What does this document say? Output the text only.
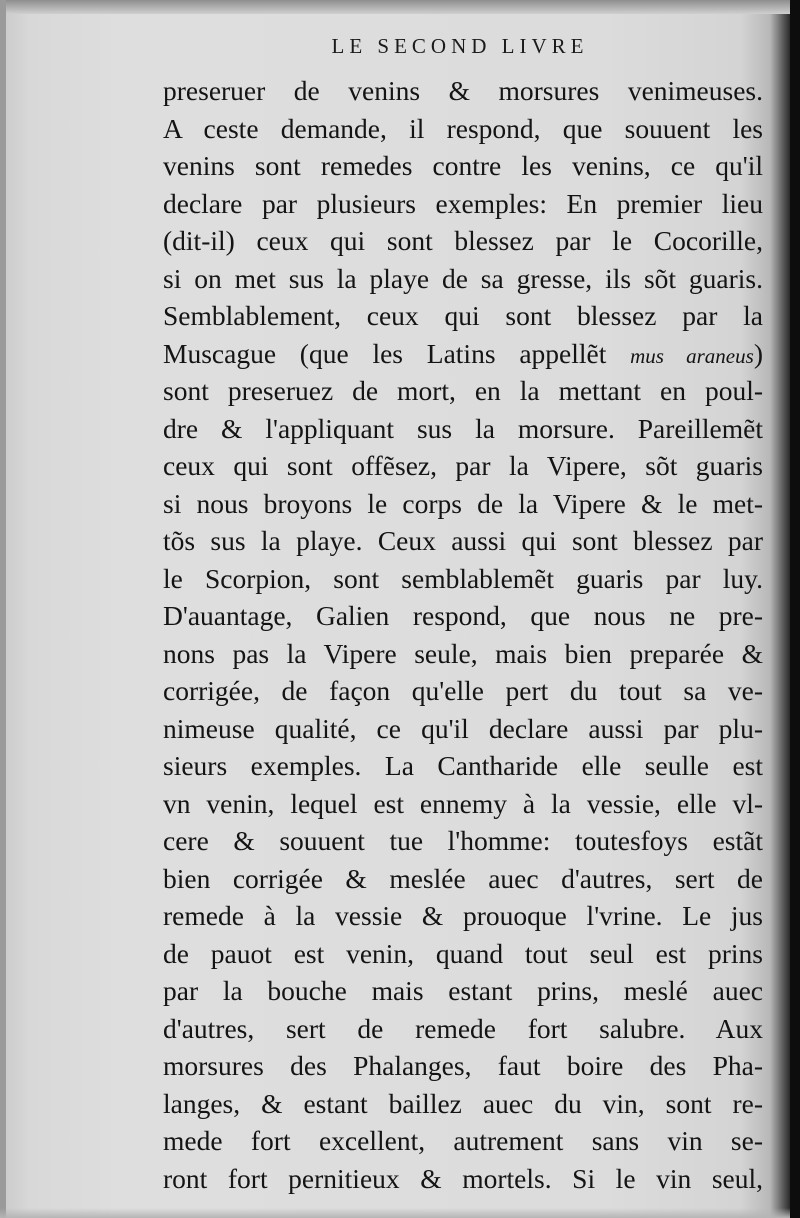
LE SECOND LIVRE
preseruer de venins & morsures venimeuses.
A ceste demande, il respond, que souuent les
venins sont remedes contre les venins, ce qu'il
declare par plusieurs exemples: En premier lieu
(dit-il) ceux qui sont blessez par le Cocorille,
si on met sus la playe de sa gresse, ils sõt guaris.
Semblablement, ceux qui sont blessez par la
Muscague (que les Latins appellẽt mus araneus)
sont preseruez de mort, en la mettant en poul-
dre & l'appliquant sus la morsure. Pareillemẽt
ceux qui sont offẽsez, par la Vipere, sõt guaris
si nous broyons le corps de la Vipere & le met-
tõs sus la playe. Ceux aussi qui sont blessez par
le Scorpion, sont semblablemẽt guaris par luy.
D'auantage, Galien respond, que nous ne pre-
nons pas la Vipere seule, mais bien preparée &
corrigée, de façon qu'elle pert du tout sa ve-
nimeuse qualité, ce qu'il declare aussi par plu-
sieurs exemples. La Cantharide elle seulle est
vn venin, lequel est ennemy à la vessie, elle vl-
cere & souuent tue l'homme: toutesfoys estãt
bien corrigée & meslée auec d'autres, sert de
remede à la vessie & prouoque l'vrine. Le jus
de pauot est venin, quand tout seul est prins
par la bouche mais estant prins, meslé auec
d'autres, sert de remede fort salubre. Aux
morsures des Phalanges, faut boire des Pha-
langes, & estant baillez auec du vin, sont re-
mede fort excellent, autrement sans vin se-
ront fort pernitieux & mortels. Si le vin seul,
